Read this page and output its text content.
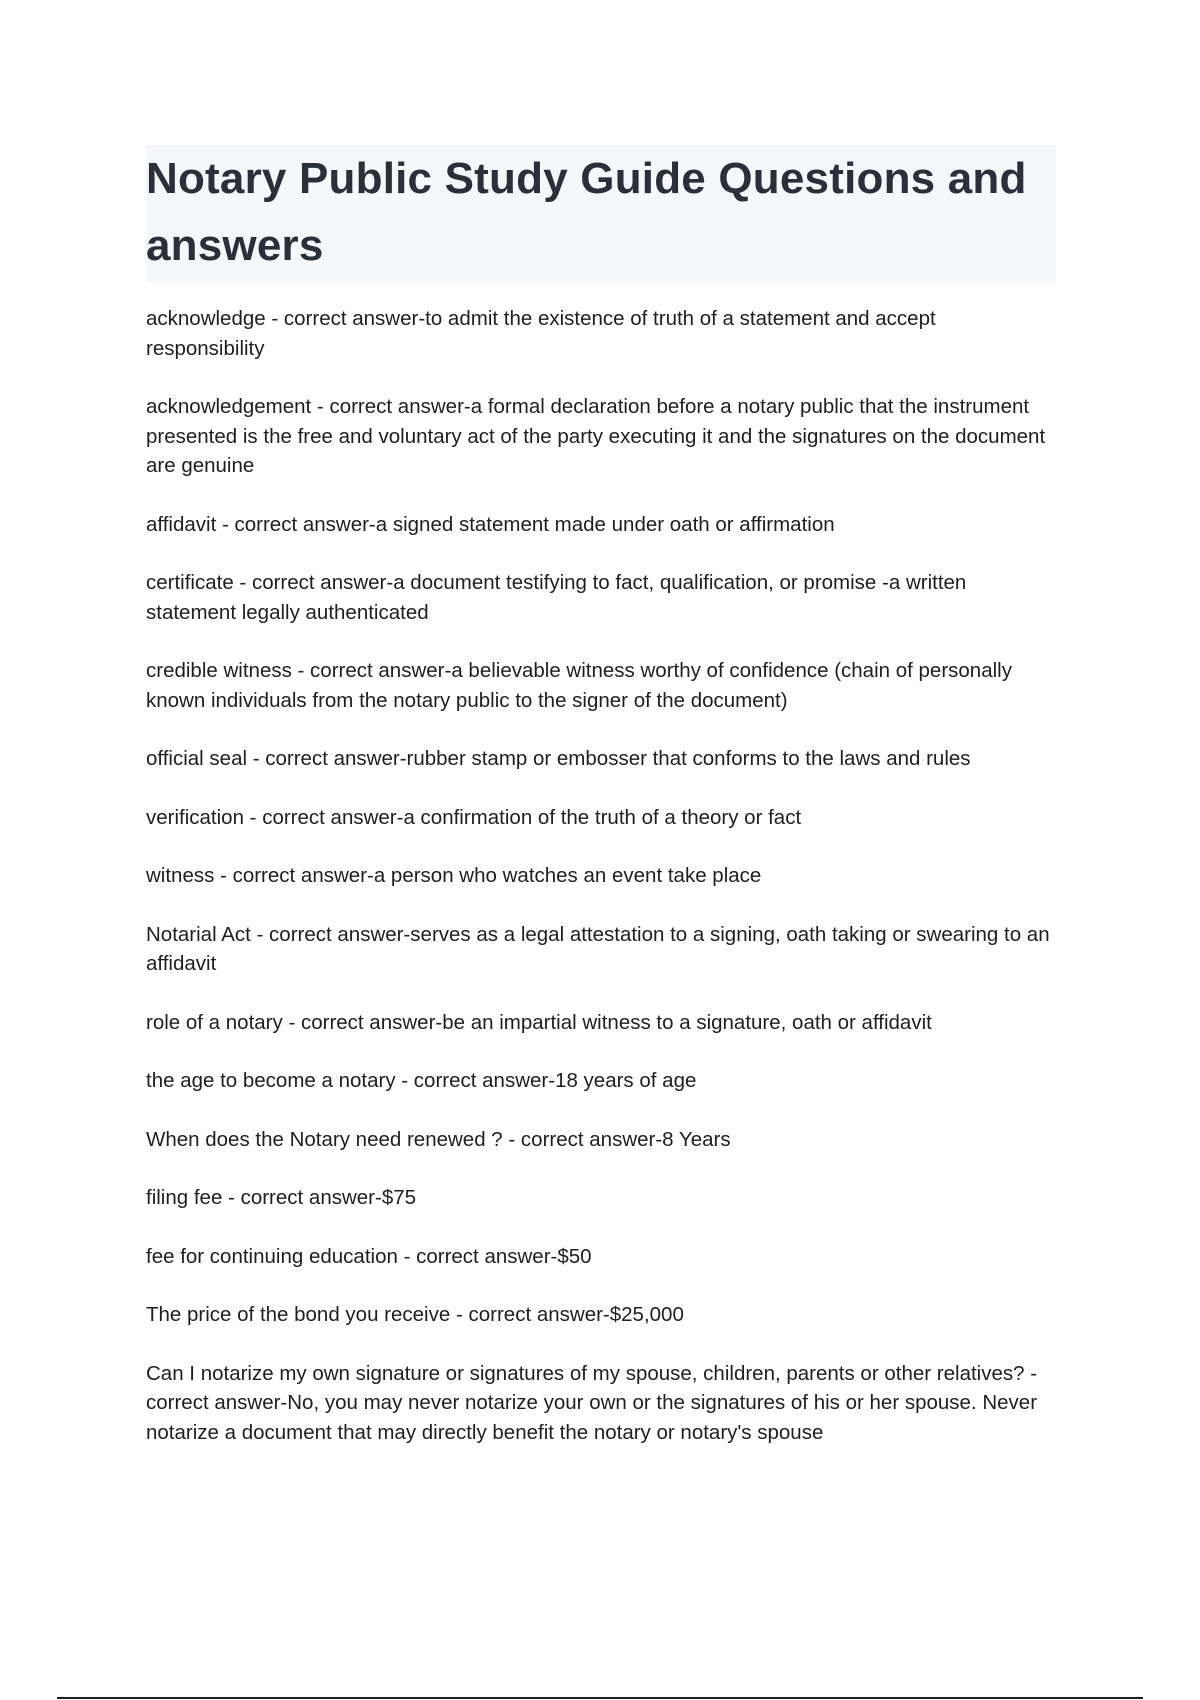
Notary Public Study Guide Questions and answers

acknowledge - correct answer-to admit the existence of truth of a statement and accept responsibility

acknowledgement - correct answer-a formal declaration before a notary public that the instrument presented is the free and voluntary act of the party executing it and the signatures on the document are genuine

affidavit - correct answer-a signed statement made under oath or affirmation

certificate - correct answer-a document testifying to fact, qualification, or promise -a written statement legally authenticated

credible witness - correct answer-a believable witness worthy of confidence (chain of personally known individuals from the notary public to the signer of the document)

official seal - correct answer-rubber stamp or embosser that conforms to the laws and rules

verification - correct answer-a confirmation of the truth of a theory or fact

witness - correct answer-a person who watches an event take place

Notarial Act - correct answer-serves as a legal attestation to a signing, oath taking or swearing to an affidavit

role of a notary - correct answer-be an impartial witness to a signature, oath or affidavit

the age to become a notary - correct answer-18 years of age

When does the Notary need renewed ? - correct answer-8 Years

filing fee - correct answer-$75

fee for continuing education - correct answer-$50

The price of the bond you receive - correct answer-$25,000

Can I notarize my own signature or signatures of my spouse, children, parents or other relatives? - correct answer-No, you may never notarize your own or the signatures of his or her spouse. Never notarize a document that may directly benefit the notary or notary's spouse
